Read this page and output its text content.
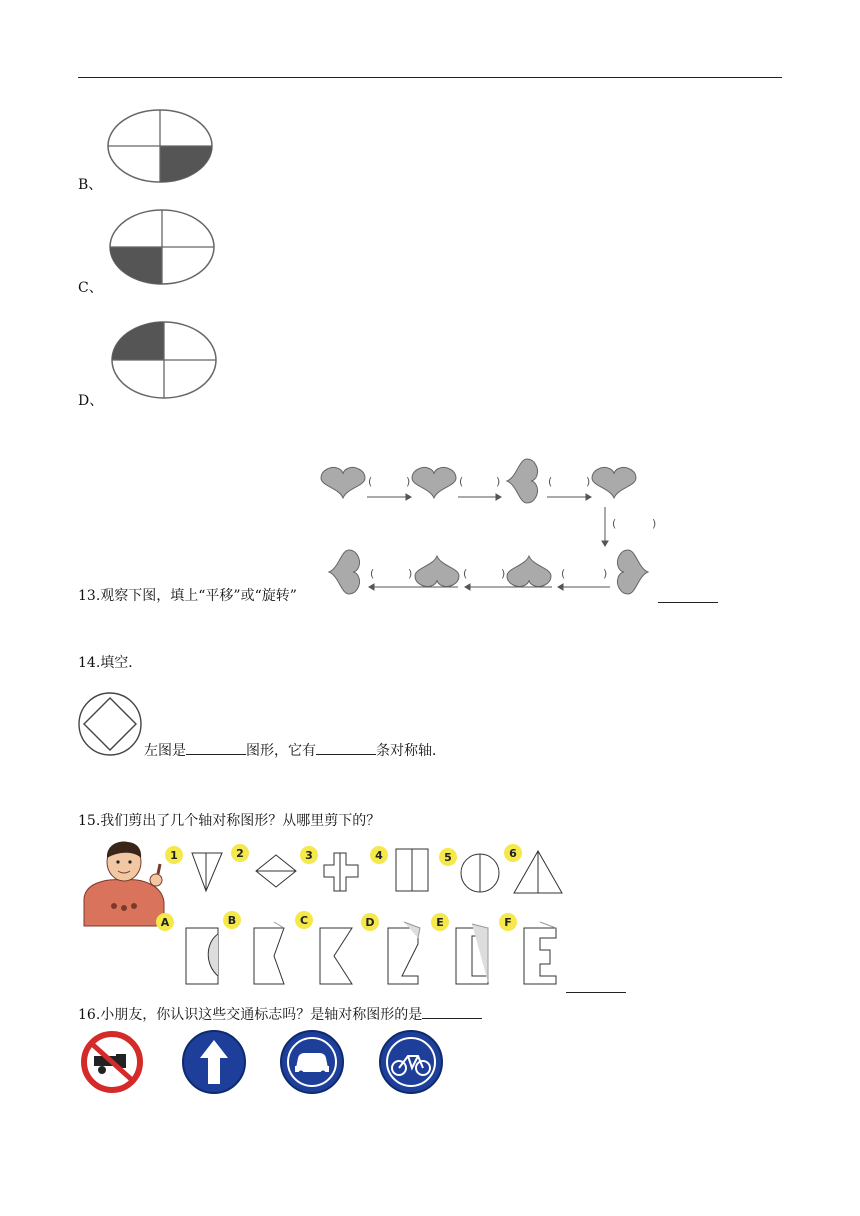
B、
C、
D、
(	)	(	)	(	)
(	)
(	)	(	)	(	)
13.观察下图，填上“平移”或“旋转”
14.填空．
左图是	图形，它有	条对称轴．
15.我们剪出了几个轴对称图形？从哪里剪下的？
1	2	3	4	5	6
A	B	C	D	E	F
16.小朋友，你认识这些交通标志吗？是轴对称图形的是
